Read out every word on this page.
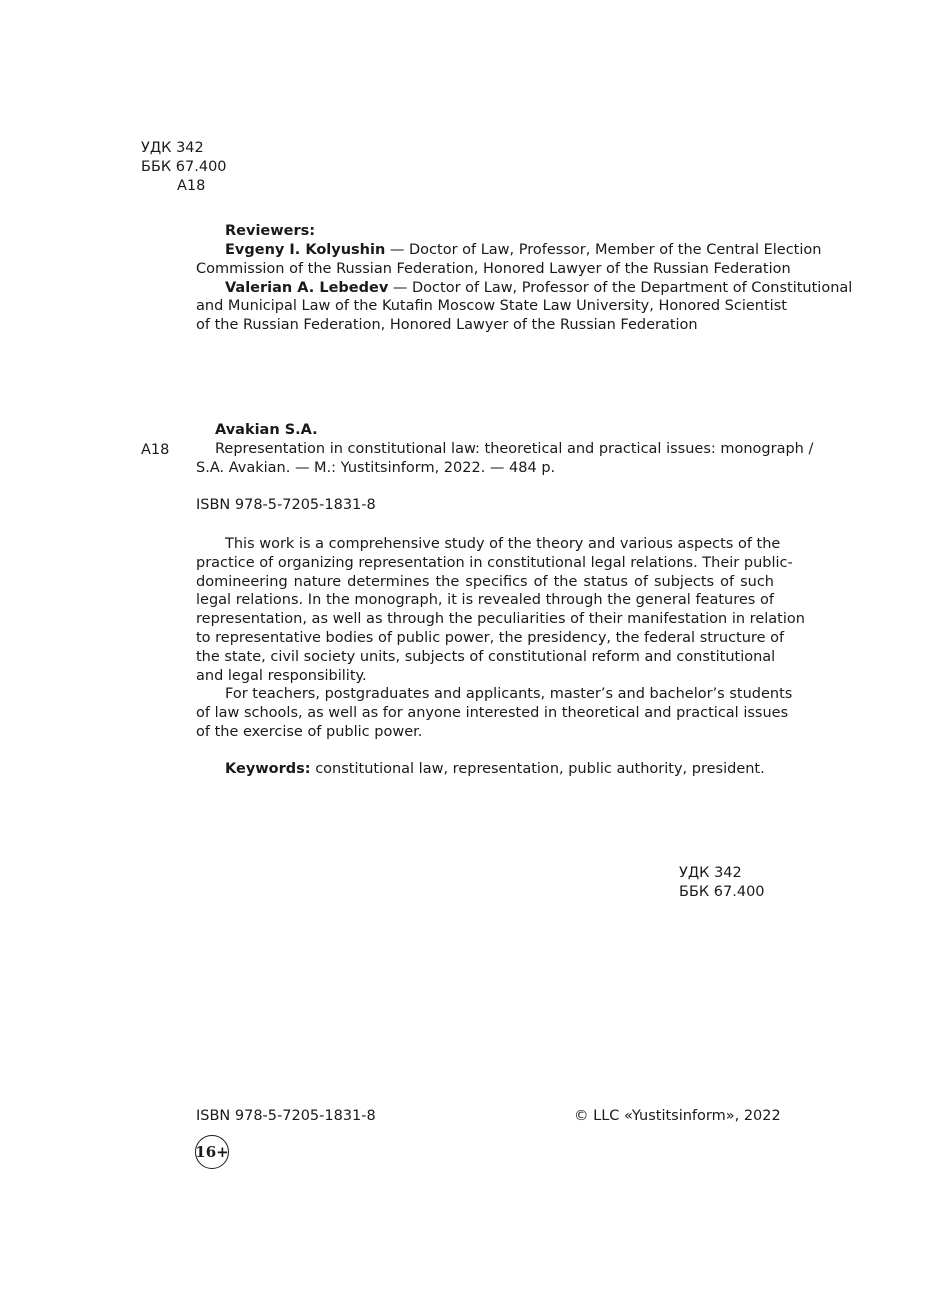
УДК 342
ББК 67.400
А18
Reviewers:
Evgeny I. Kolyushin — Doctor of Law, Professor, Member of the Central Election
Commission of the Russian Federation, Honored Lawyer of the Russian Federation
Valerian A. Lebedev — Doctor of Law, Professor of the Department of Constitutional
and Municipal Law of the Kutafin Moscow State Law University, Honored Scientist
of the Russian Federation, Honored Lawyer of the Russian Federation
Avakian S.A.
А18	Representation in constitutional law: theoretical and practical issues: monograph /
S.A. Avakian. — M.: Yustitsinform, 2022. — 484 p.
ISBN 978-5-7205-1831-8
This work is a comprehensive study of the theory and various aspects of the
practice of organizing representation in constitutional legal relations. Their public-
domineering nature determines the specifics of the status of subjects of such
legal relations. In the monograph, it is revealed through the general features of
representation, as well as through the peculiarities of their manifestation in relation
to representative bodies of public power, the presidency, the federal structure of
the state, civil society units, subjects of constitutional reform and constitutional
and legal responsibility.
For teachers, postgraduates and applicants, master’s and bachelor’s students
of law schools, as well as for anyone interested in theoretical and practical issues
of the exercise of public power.
Keywords: constitutional law, representation, public authority, president.
УДК 342
ББК 67.400
ISBN 978-5-7205-1831-8	© LLC «Yustitsinform», 2022
16+
